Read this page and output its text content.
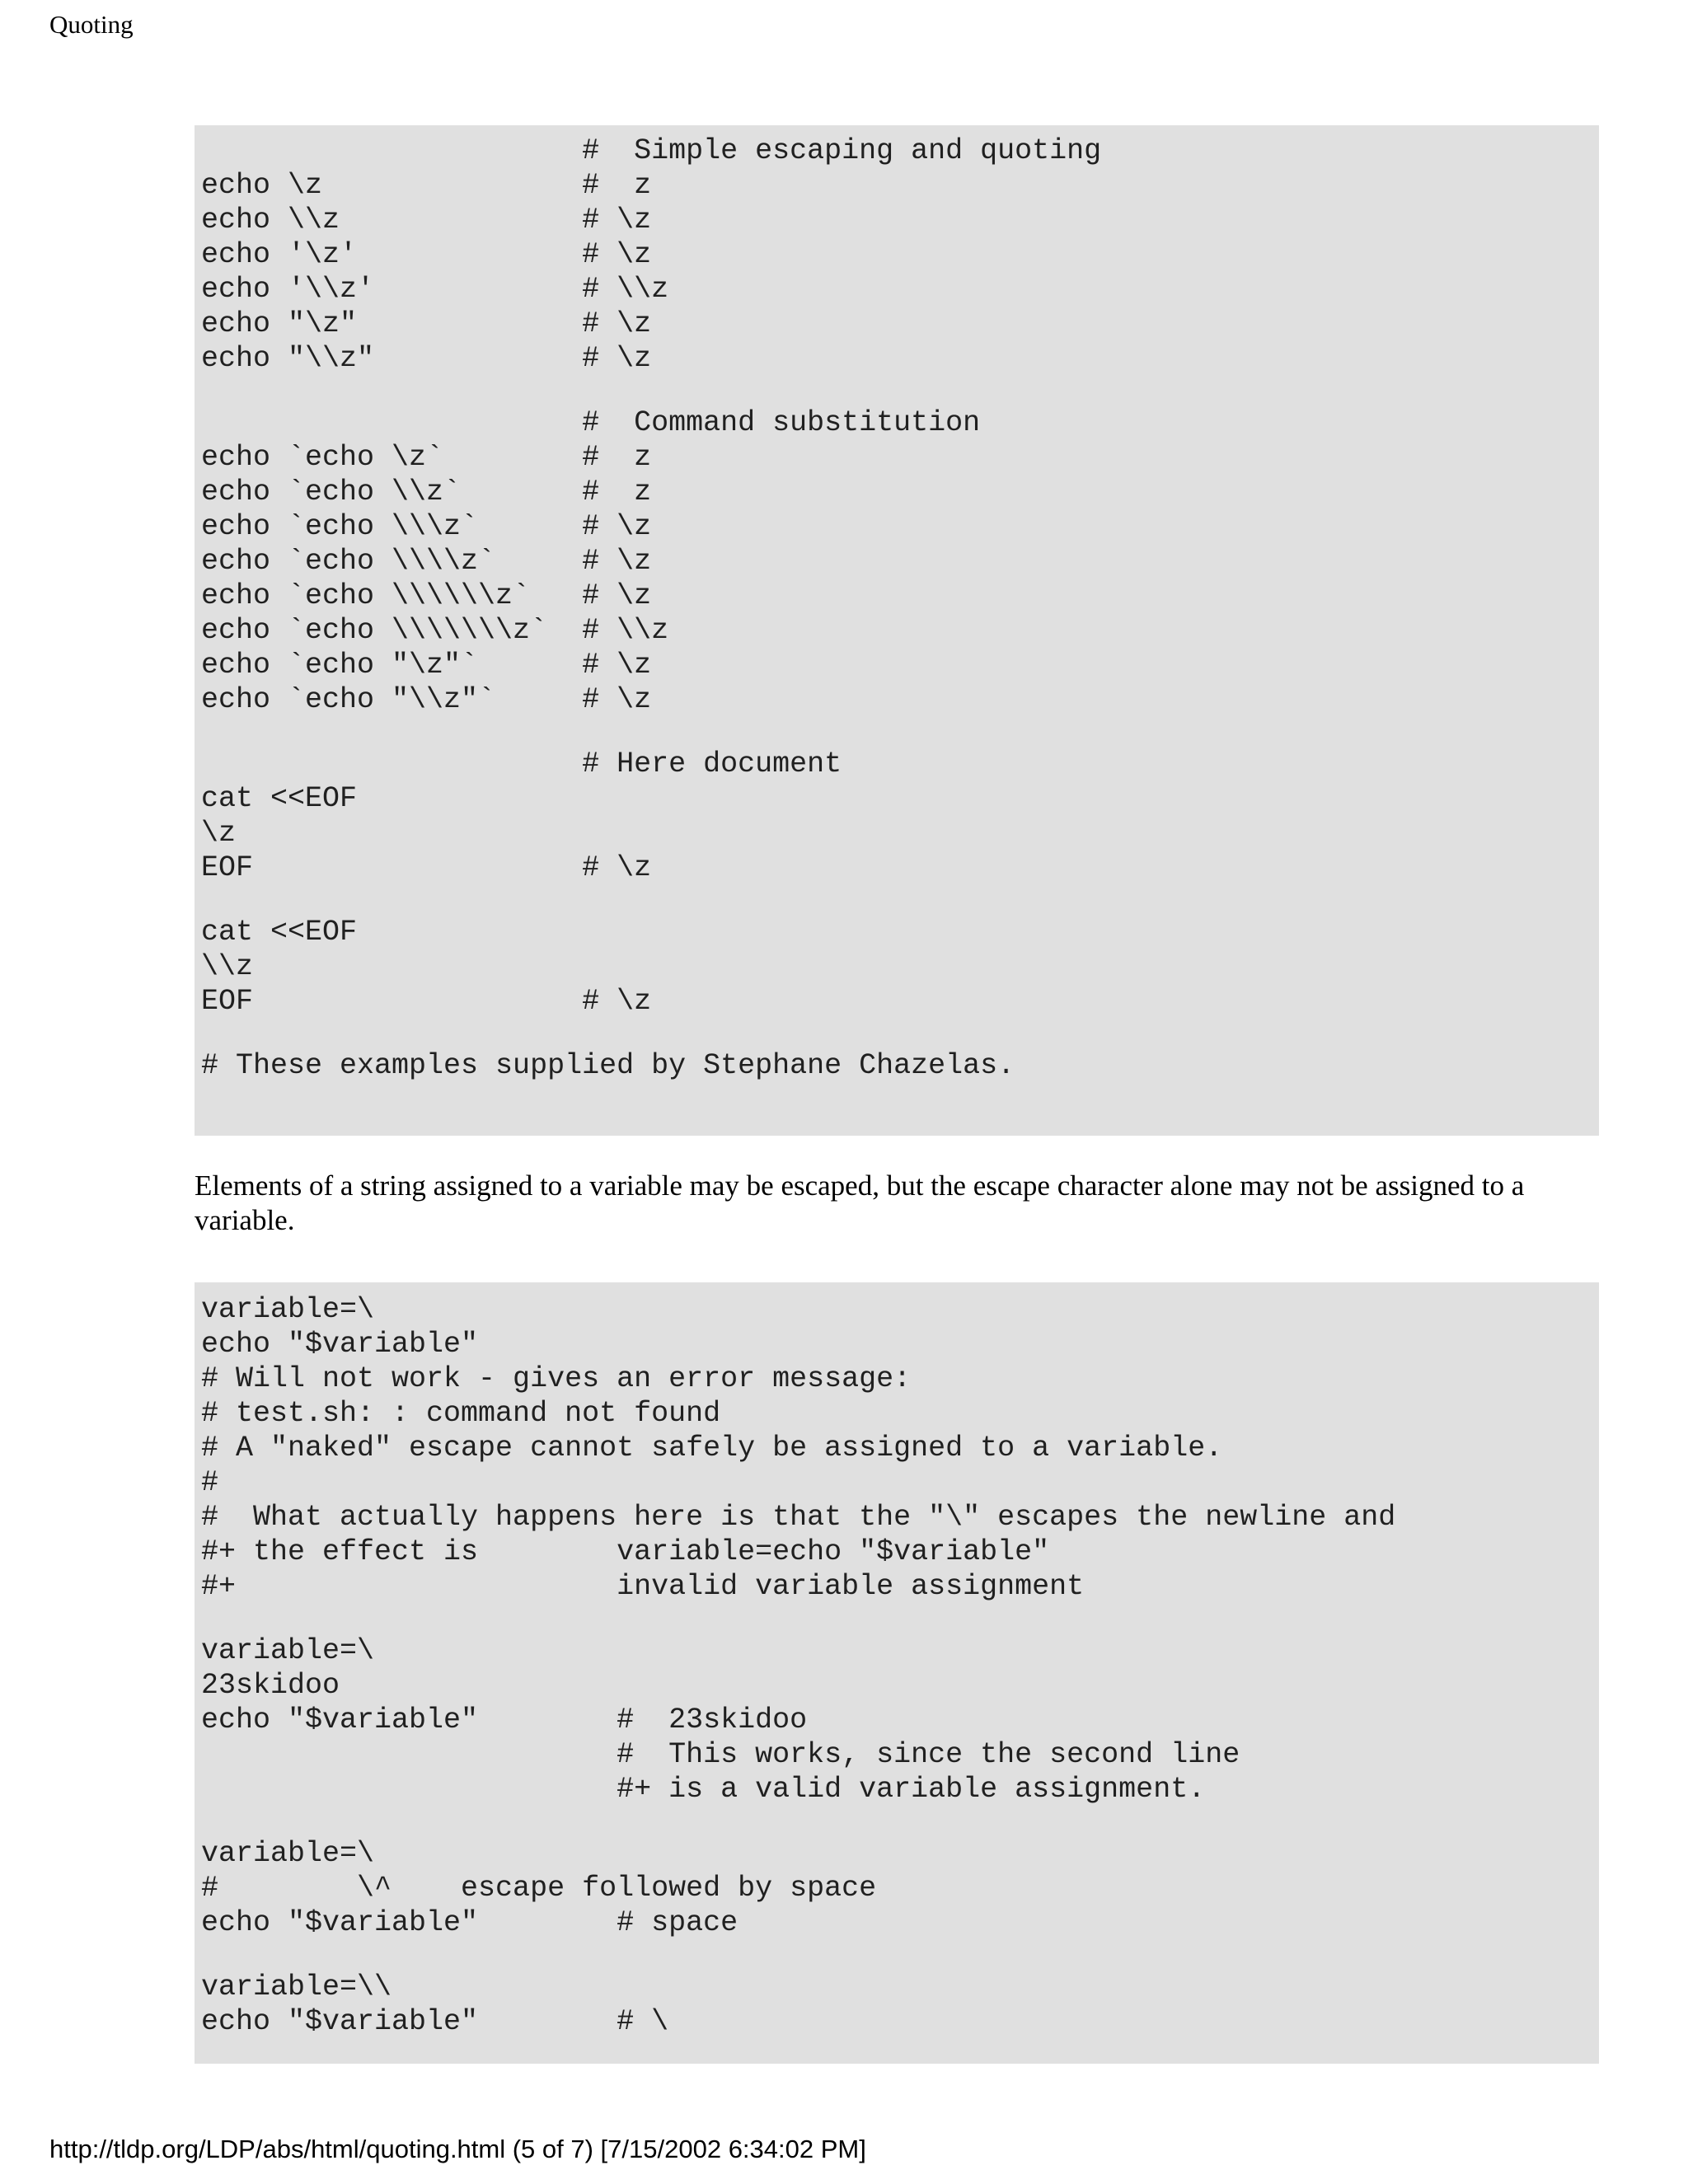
Quoting
#  Simple escaping and quoting
echo \z               #  z
echo \\z              # \z
echo '\z'             # \z
echo '\\z'            # \\z
echo "\z"             # \z
echo "\\z"            # \z
#  Command substitution
echo `echo \z`        #  z
echo `echo \\z`       #  z
echo `echo \\\z`      # \z
echo `echo \\\\z`     # \z
echo `echo \\\\\\z`   # \z
echo `echo \\\\\\\z`  # \\z
echo `echo "\z"`      # \z
echo `echo "\\z"`     # \z
# Here document
cat <<EOF
\z
EOF                   # \z
cat <<EOF
\\z
EOF                   # \z
# These examples supplied by Stephane Chazelas.

Elements of a string assigned to a variable may be escaped, but the escape character alone may not be assigned to a variable.

variable=\
echo "$variable"
# Will not work - gives an error message:
# test.sh: : command not found
# A "naked" escape cannot safely be assigned to a variable.
#
#  What actually happens here is that the "\" escapes the newline and
#+ the effect is        variable=echo "$variable"
#+                      invalid variable assignment
variable=\
23skidoo
echo "$variable"        #  23skidoo
#  This works, since the second line
#+ is a valid variable assignment.
variable=\
#        \^    escape followed by space
echo "$variable"        # space
variable=\\
echo "$variable"        # \
http://tldp.org/LDP/abs/html/quoting.html (5 of 7) [7/15/2002 6:34:02 PM]
